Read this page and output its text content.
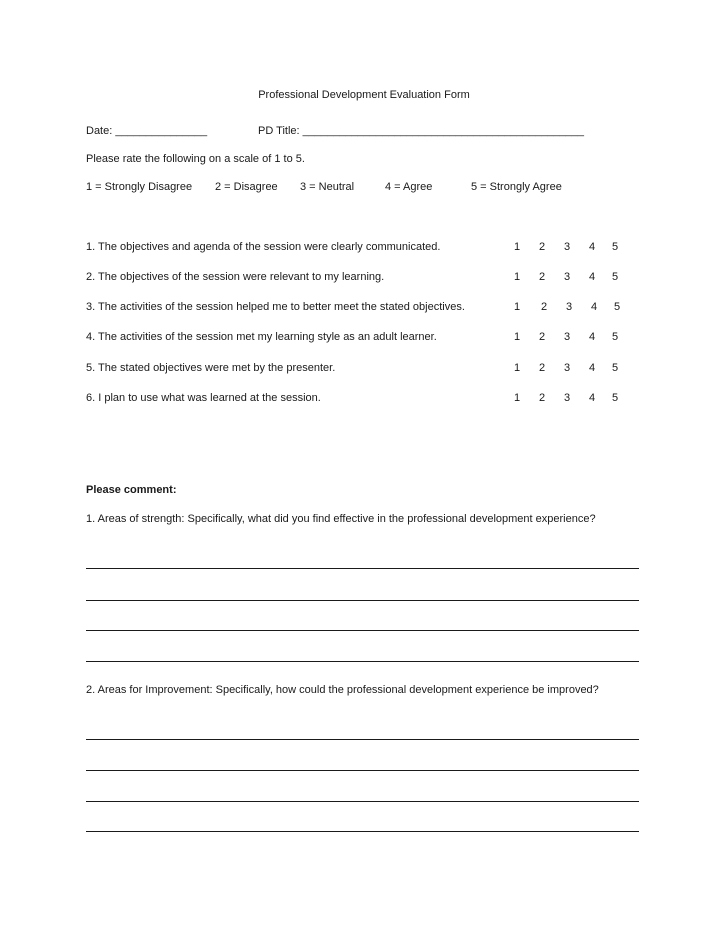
Professional Development Evaluation Form
Date: _______________	PD Title: ______________________________________________
Please rate the following on a scale of 1 to 5.
1 = Strongly Disagree 2 = Disagree 3 = Neutral	4 = Agree	5 = Strongly Agree
1. The objectives and agenda of the session were clearly communicated.	1 2 3 4 5
2. The objectives of the session were relevant to my learning.	1 2 3 4 5
3. The activities of the session helped me to better meet the stated objectives.	1 2 3 4 5
4. The activities of the session met my learning style as an adult learner.	1 2 3 4 5
5. The stated objectives were met by the presenter.	1 2 3 4 5
6. I plan to use what was learned at the session.	1 2 3 4 5
Please comment:
1. Areas of strength: Specifically, what did you find effective in the professional development experience?
2. Areas for Improvement: Specifically, how could the professional development experience be improved?
